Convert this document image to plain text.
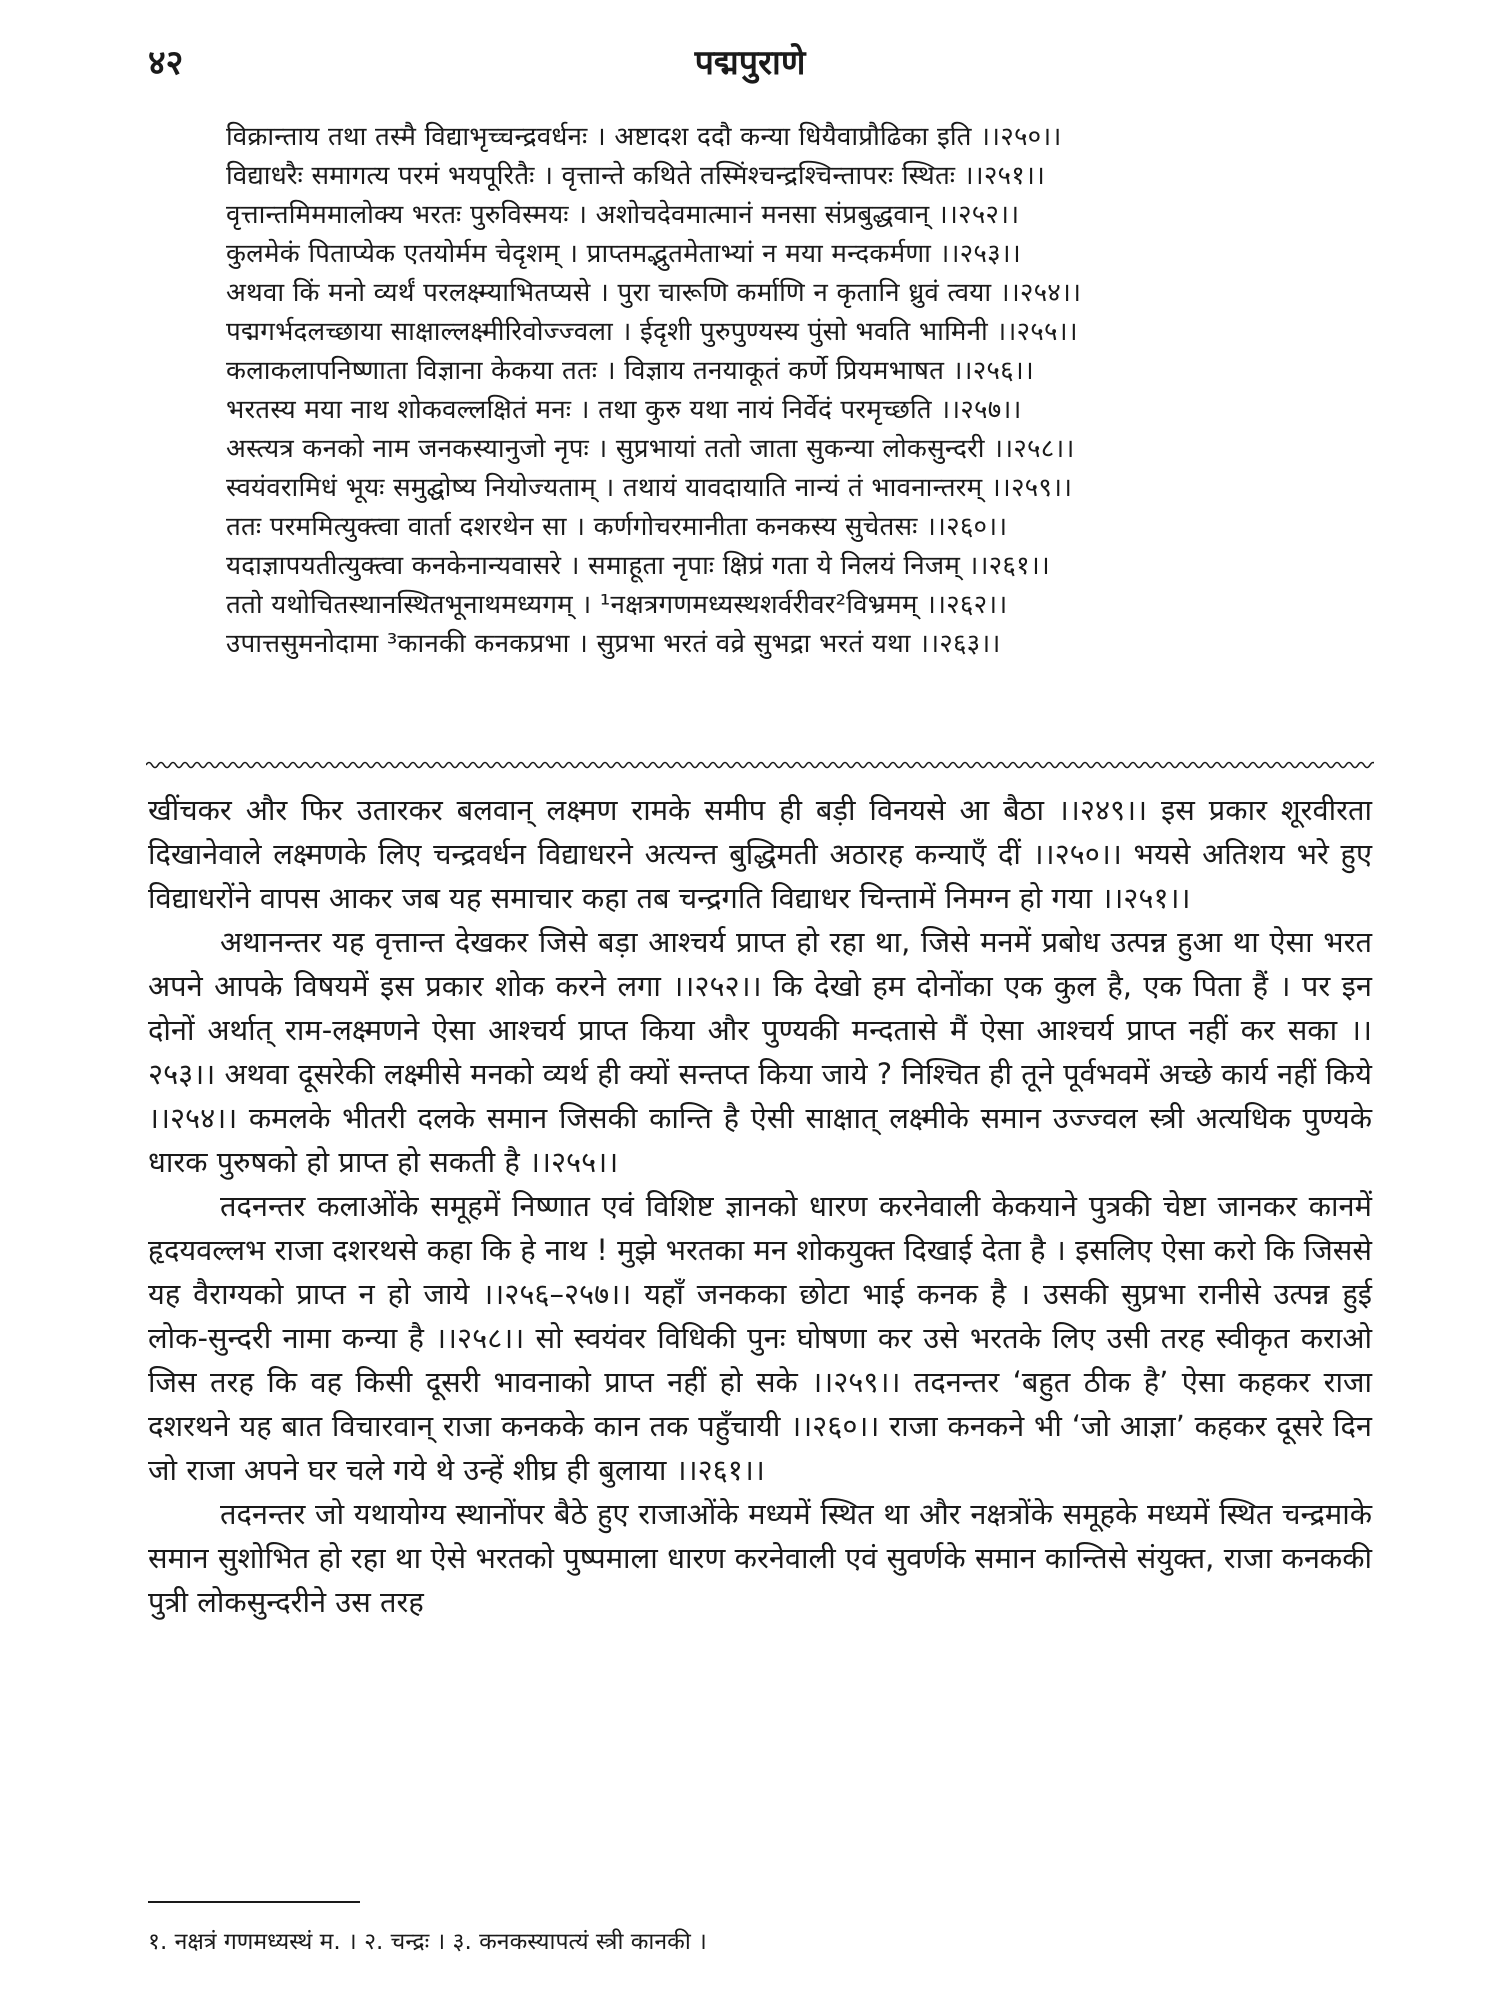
४२	पद्मपुराणे
विक्रान्ताय तथा तस्मै विद्याभृच्चन्द्रवर्धनः । अष्टादश ददौ कन्या धियैवाप्रौढिका इति ।।२५०।।
विद्याधरैः समागत्य परमं भयपूरितैः । वृत्तान्ते कथिते तस्मिंश्चन्द्रश्चिन्तापरः स्थितः ।।२५१।।
वृत्तान्तमिममालोक्य भरतः पुरुविस्मयः । अशोचदेवमात्मानं मनसा संप्रबुद्धवान् ।।२५२।।
कुलमेकं पिताप्येक एतयोर्मम चेदृशम् । प्राप्तमद्भुतमेताभ्यां न मया मन्दकर्मणा ।।२५३।।
अथवा किं मनो व्यर्थं परलक्ष्म्याभितप्यसे । पुरा चारूणि कर्माणि न कृतानि ध्रुवं त्वया ।।२५४।।
पद्मगर्भदलच्छाया साक्षाल्लक्ष्मीरिवोज्ज्वला । ईदृशी पुरुपुण्यस्य पुंसो भवति भामिनी ।।२५५।।
कलाकलापनिष्णाता विज्ञाना केकया ततः । विज्ञाय तनयाकूतं कर्णे प्रियमभाषत ।।२५६।।
भरतस्य मया नाथ शोकवल्लक्षितं मनः । तथा कुरु यथा नायं निर्वेदं परमृच्छति ।।२५७।।
अस्त्यत्र कनको नाम जनकस्यानुजो नृपः । सुप्रभायां ततो जाता सुकन्या लोकसुन्दरी ।।२५८।।
स्वयंवरामिधं भूयः समुद्घोष्य नियोज्यताम् । तथायं यावदायाति नान्यं तं भावनान्तरम् ।।२५९।।
ततः परममित्युक्त्वा वार्ता दशरथेन सा । कर्णगोचरमानीता कनकस्य सुचेतसः ।।२६०।।
यदाज्ञापयतीत्युक्त्वा कनकेनान्यवासरे । समाहूता नृपाः क्षिप्रं गता ये निलयं निजम् ।।२६१।।
ततो यथोचितस्थानस्थितभूनाथमध्यगम् । ¹नक्षत्रगणमध्यस्थशर्वरीवर²विभ्रमम् ।।२६२।।
उपात्तसुमनोदामा ³कानकी कनकप्रभा । सुप्रभा भरतं वव्रे सुभद्रा भरतं यथा ।।२६३।।

खींचकर और फिर उतारकर बलवान् लक्ष्मण रामके समीप ही बड़ी विनयसे आ बैठा ।।२४९।। इस प्रकार शूरवीरता दिखानेवाले लक्ष्मणके लिए चन्द्रवर्धन विद्याधरने अत्यन्त बुद्धिमती अठारह कन्याएँ दीं ।।२५०।। भयसे अतिशय भरे हुए विद्याधरोंने वापस आकर जब यह समाचार कहा तब चन्द्रगति विद्याधर चिन्तामें निमग्न हो गया ।।२५१।।

अथानन्तर यह वृत्तान्त देखकर जिसे बड़ा आश्चर्य प्राप्त हो रहा था, जिसे मनमें प्रबोध उत्पन्न हुआ था ऐसा भरत अपने आपके विषयमें इस प्रकार शोक करने लगा ।।२५२।। कि देखो हम दोनोंका एक कुल है, एक पिता हैं । पर इन दोनों अर्थात् राम-लक्ष्मणने ऐसा आश्चर्य प्राप्त किया और पुण्यकी मन्दतासे मैं ऐसा आश्चर्य प्राप्त नहीं कर सका ।।२५३।। अथवा दूसरेकी लक्ष्मीसे मनको व्यर्थ ही क्यों सन्तप्त किया जाये ? निश्चित ही तूने पूर्वभवमें अच्छे कार्य नहीं किये ।।२५४।। कमलके भीतरी दलके समान जिसकी कान्ति है ऐसी साक्षात् लक्ष्मीके समान उज्ज्वल स्त्री अत्यधिक पुण्यके धारक पुरुषको हो प्राप्त हो सकती है ।।२५५।।

तदनन्तर कलाओंके समूहमें निष्णात एवं विशिष्ट ज्ञानको धारण करनेवाली केकयाने पुत्रकी चेष्टा जानकर कानमें हृदयवल्लभ राजा दशरथसे कहा कि हे नाथ ! मुझे भरतका मन शोकयुक्त दिखाई देता है । इसलिए ऐसा करो कि जिससे यह वैराग्यको प्राप्त न हो जाये ।।२५६–२५७।। यहाँ जनकका छोटा भाई कनक है । उसकी सुप्रभा रानीसे उत्पन्न हुई लोक-सुन्दरी नामा कन्या है ।।२५८।। सो स्वयंवर विधिकी पुनः घोषणा कर उसे भरतके लिए उसी तरह स्वीकृत कराओ जिस तरह कि वह किसी दूसरी भावनाको प्राप्त नहीं हो सके ।।२५९।। तदनन्तर ‘बहुत ठीक है’ ऐसा कहकर राजा दशरथने यह बात विचारवान् राजा कनकके कान तक पहुँचायी ।।२६०।। राजा कनकने भी ‘जो आज्ञा’ कहकर दूसरे दिन जो राजा अपने घर चले गये थे उन्हें शीघ्र ही बुलाया ।।२६१।।

तदनन्तर जो यथायोग्य स्थानोंपर बैठे हुए राजाओंके मध्यमें स्थित था और नक्षत्रोंके समूहके मध्यमें स्थित चन्द्रमाके समान सुशोभित हो रहा था ऐसे भरतको पुष्पमाला धारण करनेवाली एवं सुवर्णके समान कान्तिसे संयुक्त, राजा कनककी पुत्री लोकसुन्दरीने उस तरह

१. नक्षत्रं गणमध्यस्थं म. । २. चन्द्रः । ३. कनकस्यापत्यं स्त्री कानकी ।
